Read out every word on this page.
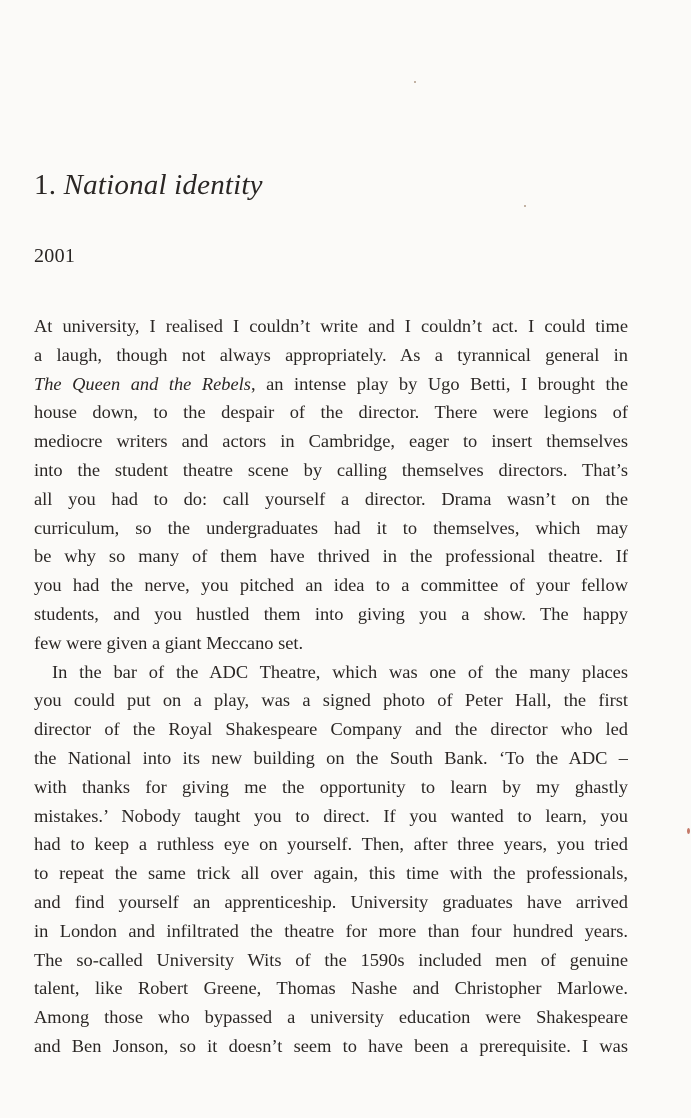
1. National identity
2001
At university, I realised I couldn’t write and I couldn’t act. I could time
a laugh, though not always appropriately. As a tyrannical general in
The Queen and the Rebels, an intense play by Ugo Betti, I brought the
house down, to the despair of the director. There were legions of
mediocre writers and actors in Cambridge, eager to insert themselves
into the student theatre scene by calling themselves directors. That’s
all you had to do: call yourself a director. Drama wasn’t on the
curriculum, so the undergraduates had it to themselves, which may
be why so many of them have thrived in the professional theatre. If
you had the nerve, you pitched an idea to a committee of your fellow
students, and you hustled them into giving you a show. The happy
few were given a giant Meccano set.
In the bar of the ADC Theatre, which was one of the many places
you could put on a play, was a signed photo of Peter Hall, the first
director of the Royal Shakespeare Company and the director who led
the National into its new building on the South Bank. ‘To the ADC –
with thanks for giving me the opportunity to learn by my ghastly
mistakes.’ Nobody taught you to direct. If you wanted to learn, you
had to keep a ruthless eye on yourself. Then, after three years, you tried
to repeat the same trick all over again, this time with the professionals,
and find yourself an apprenticeship. University graduates have arrived
in London and infiltrated the theatre for more than four hundred years.
The so-called University Wits of the 1590s included men of genuine
talent, like Robert Greene, Thomas Nashe and Christopher Marlowe.
Among those who bypassed a university education were Shakespeare
and Ben Jonson, so it doesn’t seem to have been a prerequisite. I was
